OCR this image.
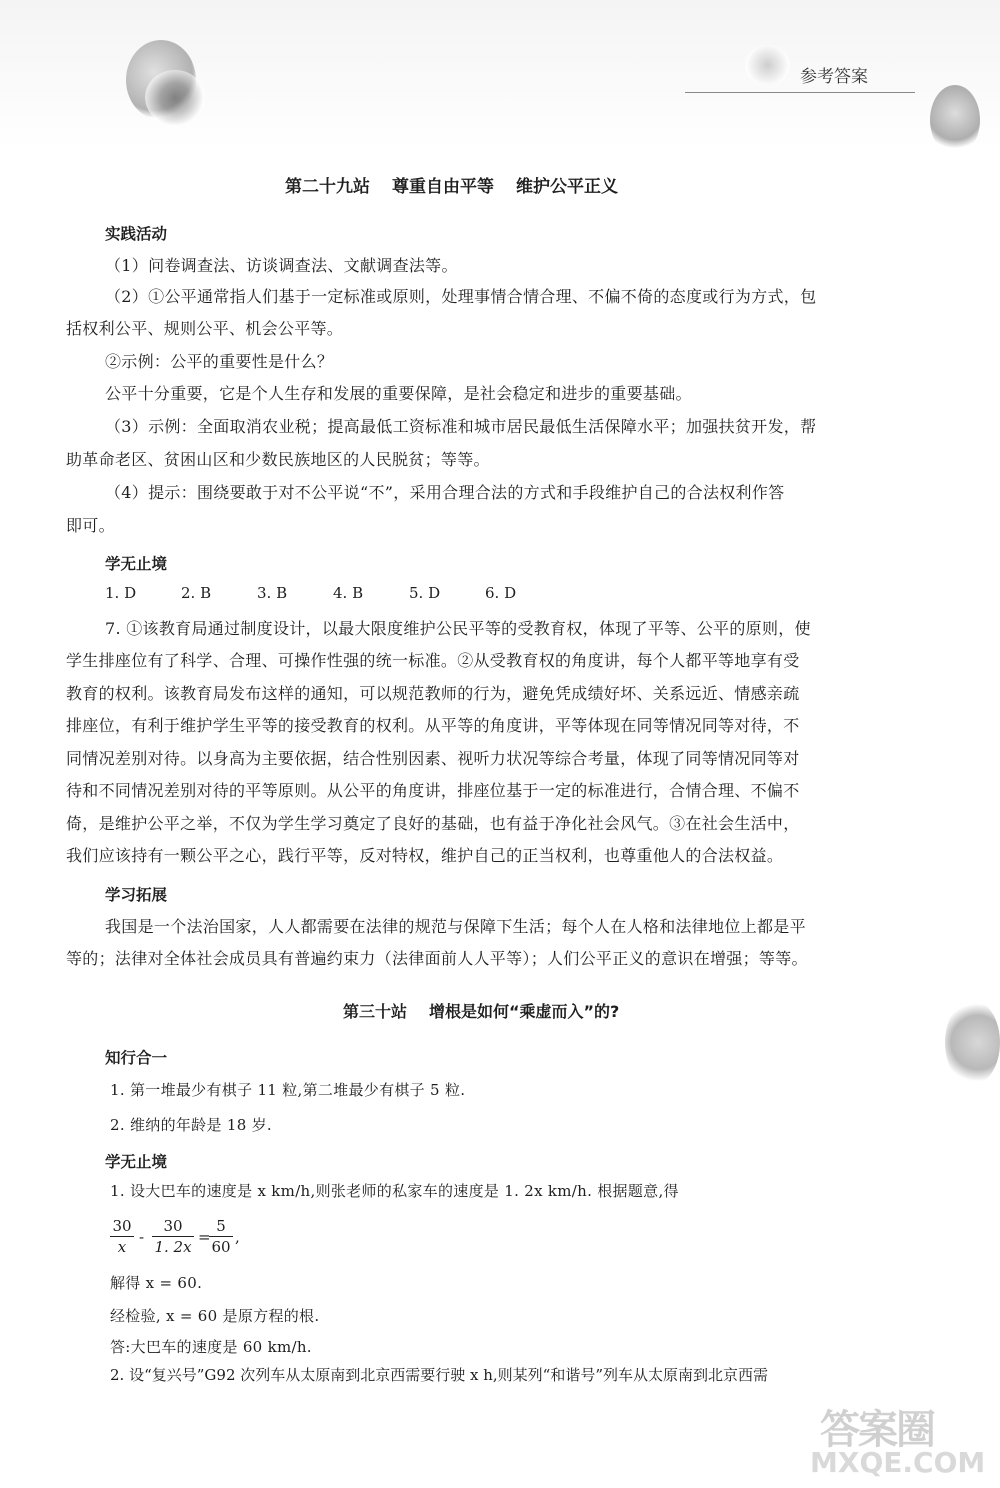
参考答案
第二十九站 尊重自由平等 维护公平正义
实践活动
（1）问卷调查法、访谈调查法、文献调查法等。
（2）①公平通常指人们基于一定标准或原则，处理事情合情合理、不偏不倚的态度或行为方式，包
括权利公平、规则公平、机会公平等。
②示例：公平的重要性是什么？
公平十分重要，它是个人生存和发展的重要保障，是社会稳定和进步的重要基础。
（3）示例：全面取消农业税；提高最低工资标准和城市居民最低生活保障水平；加强扶贫开发，帮
助革命老区、贫困山区和少数民族地区的人民脱贫；等等。
（4）提示：围绕要敢于对不公平说“不”，采用合理合法的方式和手段维护自己的合法权利作答
即可。
学无止境
1. D	2. B	3. B	4. B	5. D	6. D
7. ①该教育局通过制度设计，以最大限度维护公民平等的受教育权，体现了平等、公平的原则，使
学生排座位有了科学、合理、可操作性强的统一标准。②从受教育权的角度讲，每个人都平等地享有受
教育的权利。该教育局发布这样的通知，可以规范教师的行为，避免凭成绩好坏、关系远近、情感亲疏
排座位，有利于维护学生平等的接受教育的权利。从平等的角度讲，平等体现在同等情况同等对待，不
同情况差别对待。以身高为主要依据，结合性别因素、视听力状况等综合考量，体现了同等情况同等对
待和不同情况差别对待的平等原则。从公平的角度讲，排座位基于一定的标准进行，合情合理、不偏不
倚，是维护公平之举，不仅为学生学习奠定了良好的基础，也有益于净化社会风气。③在社会生活中，
我们应该持有一颗公平之心，践行平等，反对特权，维护自己的正当权利，也尊重他人的合法权益。
学习拓展
我国是一个法治国家，人人都需要在法律的规范与保障下生活；每个人在人格和法律地位上都是平
等的；法律对全体社会成员具有普遍约束力（法律面前人人平等）；人们公平正义的意识在增强；等等。
第三十站 增根是如何“乘虚而入”的?
知行合一
1. 第一堆最少有棋子 11 粒,第二堆最少有棋子 5 粒.
2. 维纳的年龄是 18 岁.
学无止境
1. 设大巴车的速度是 x km/h,则张老师的私家车的速度是 1. 2x km/h. 根据题意,得
$\frac{30}{x} - \frac{30}{1. 2x}$ =
$\frac{5}{60}$ ,
解得 x = 60.
经检验, x = 60 是原方程的根.
答:大巴车的速度是 60 km/h.
2. 设“复兴号”G92 次列车从太原南到北京西需要行驶 x h,则某列“和谐号”列车从太原南到北京西需
答案圈
MXQE.COM
